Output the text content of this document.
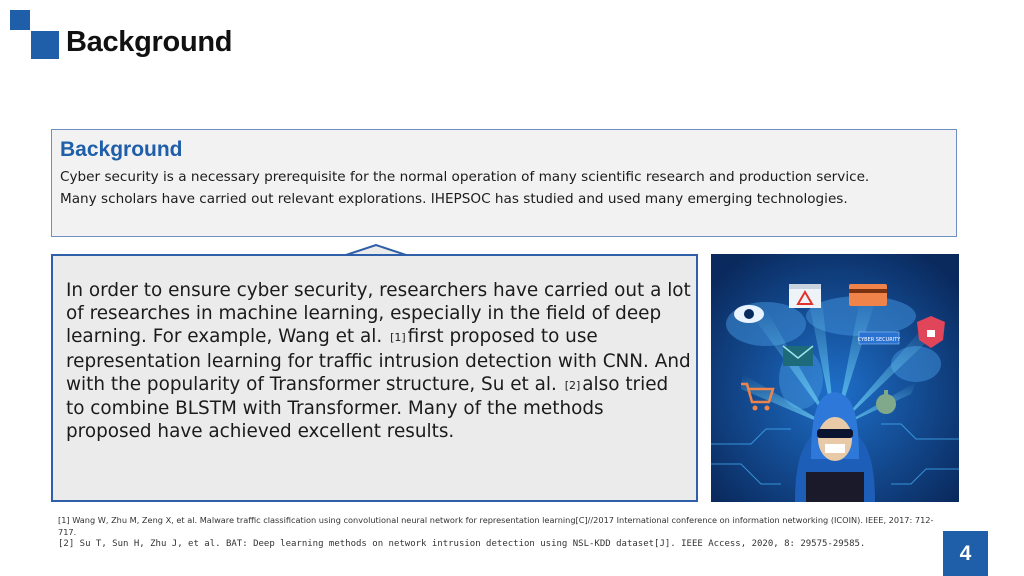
Background
Background
Cyber security is a necessary prerequisite for the normal operation of many scientific research and production service.
Many scholars have carried out relevant explorations. IHEPSOC has studied and used many emerging technologies.
In order to ensure cyber security, researchers have carried out a lot of researches in machine learning, especially in the field of deep learning. For example, Wang et al. [1] first proposed to use representation learning for traffic intrusion detection with CNN. And with the popularity of Transformer structure, Su et al. [2] also tried to combine BLSTM with Transformer. Many of the methods proposed have achieved excellent results.
CYBER SECURITY
[1] Wang W, Zhu M, Zeng X, et al. Malware traffic classification using convolutional neural network for representation learning[C]//2017 International conference on information networking (ICOIN). IEEE, 2017: 712-717.
[2] Su T, Sun H, Zhu J, et al. BAT: Deep learning methods on network intrusion detection using NSL-KDD dataset[J]. IEEE Access, 2020, 8: 29575-29585.	4
